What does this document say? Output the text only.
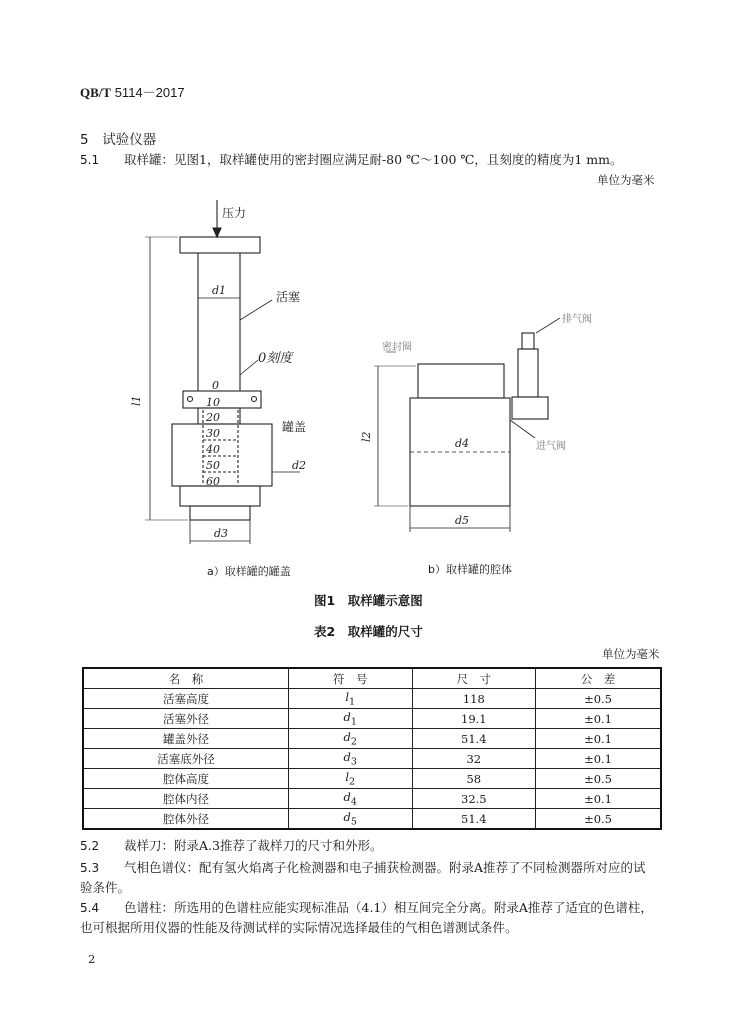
QB/T 5114－2017
5 试验仪器
5.1 取样罐：见图1，取样罐使用的密封圈应满足耐-80 ℃～100 ℃，且刻度的精度为1 mm。
单位为毫米
压力
d1	活塞
0刻度
0
10
20
30
40
50
60
罐盖
d2
l1
d3
排气阀
密封圈
l2
d4	进气阀
d5
a）取样罐的罐盖	b）取样罐的腔体
图1　取样罐示意图
表2　取样罐的尺寸
单位为毫米
名　称	符　号	尺　寸	公　差
活塞高度	$l_1$	118	±0.5
活塞外径	$d_1$	19.1	±0.1
罐盖外径	$d_2$	51.4	±0.1
活塞底外径	$d_3$	32	±0.1
腔体高度	$l_2$	58	±0.5
腔体内径	$d_4$	32.5	±0.1
腔体外径	$d_5$	51.4	±0.5
5.2 裁样刀：附录A.3推荐了裁样刀的尺寸和外形。
5.3 气相色谱仪：配有氢火焰离子化检测器和电子捕获检测器。附录A推荐了不同检测器所对应的试
验条件。
5.4 色谱柱：所选用的色谱柱应能实现标准品（4.1）相互间完全分离。附录A推荐了适宜的色谱柱，
也可根据所用仪器的性能及待测试样的实际情况选择最佳的气相色谱测试条件。
2
